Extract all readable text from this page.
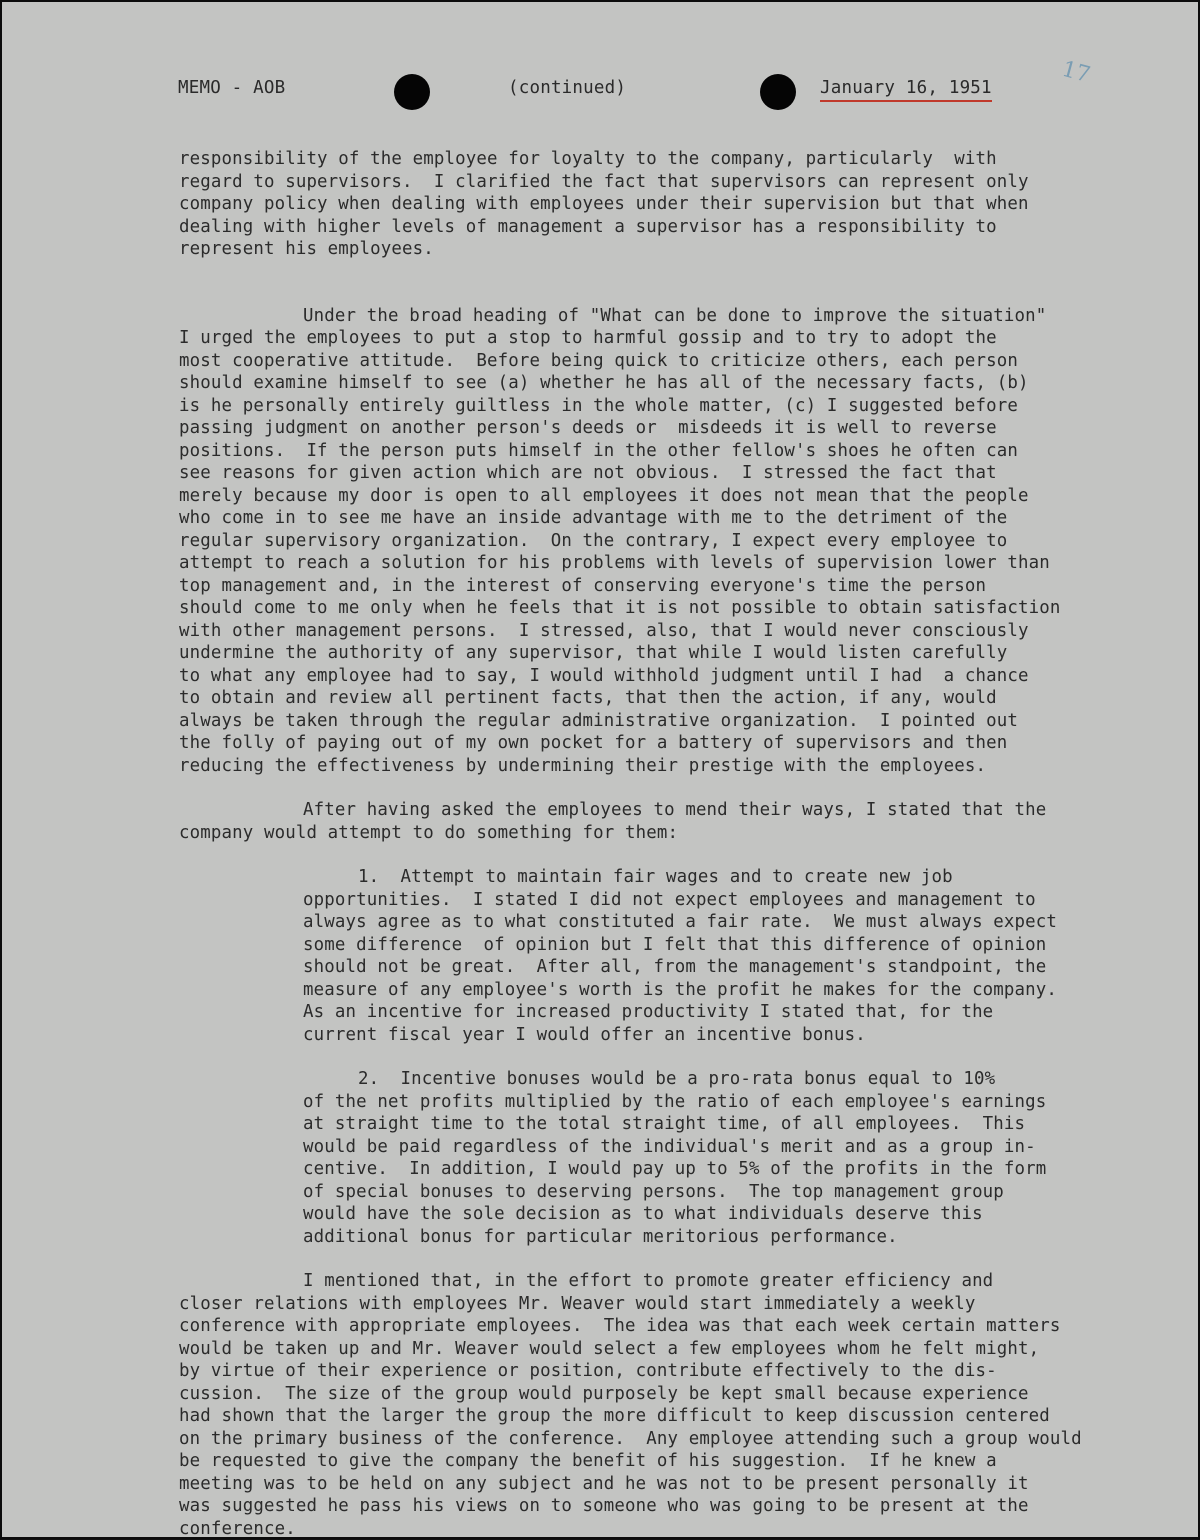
MEMO - AOB	(continued)	January 16, 1951	17

responsibility of the employee for loyalty to the company, particularly  with

regard to supervisors.  I clarified the fact that supervisors can represent only

company policy when dealing with employees under their supervision but that when

dealing with higher levels of management a supervisor has a responsibility to

represent his employees.

Under the broad heading of "What can be done to improve the situation"

I urged the employees to put a stop to harmful gossip and to try to adopt the

most cooperative attitude.  Before being quick to criticize others, each person

should examine himself to see (a) whether he has all of the necessary facts, (b)

is he personally entirely guiltless in the whole matter, (c) I suggested before

passing judgment on another person's deeds or  misdeeds it is well to reverse

positions.  If the person puts himself in the other fellow's shoes he often can

see reasons for given action which are not obvious.  I stressed the fact that

merely because my door is open to all employees it does not mean that the people

who come in to see me have an inside advantage with me to the detriment of the

regular supervisory organization.  On the contrary, I expect every employee to

attempt to reach a solution for his problems with levels of supervision lower than

top management and, in the interest of conserving everyone's time the person

should come to me only when he feels that it is not possible to obtain satisfaction

with other management persons.  I stressed, also, that I would never consciously

undermine the authority of any supervisor, that while I would listen carefully

to what any employee had to say, I would withhold judgment until I had  a chance

to obtain and review all pertinent facts, that then the action, if any, would

always be taken through the regular administrative organization.  I pointed out

the folly of paying out of my own pocket for a battery of supervisors and then

reducing the effectiveness by undermining their prestige with the employees.

After having asked the employees to mend their ways, I stated that the

company would attempt to do something for them:

1.  Attempt to maintain fair wages and to create new job

opportunities.  I stated I did not expect employees and management to

always agree as to what constituted a fair rate.  We must always expect

some difference  of opinion but I felt that this difference of opinion

should not be great.  After all, from the management's standpoint, the

measure of any employee's worth is the profit he makes for the company.

As an incentive for increased productivity I stated that, for the

current fiscal year I would offer an incentive bonus.

2.  Incentive bonuses would be a pro-rata bonus equal to 10%

of the net profits multiplied by the ratio of each employee's earnings

at straight time to the total straight time, of all employees.  This

would be paid regardless of the individual's merit and as a group in-

centive.  In addition, I would pay up to 5% of the profits in the form

of special bonuses to deserving persons.  The top management group

would have the sole decision as to what individuals deserve this

additional bonus for particular meritorious performance.

I mentioned that, in the effort to promote greater efficiency and

closer relations with employees Mr. Weaver would start immediately a weekly

conference with appropriate employees.  The idea was that each week certain matters

would be taken up and Mr. Weaver would select a few employees whom he felt might,

by virtue of their experience or position, contribute effectively to the dis-

cussion.  The size of the group would purposely be kept small because experience

had shown that the larger the group the more difficult to keep discussion centered

on the primary business of the conference.  Any employee attending such a group would

be requested to give the company the benefit of his suggestion.  If he knew a

meeting was to be held on any subject and he was not to be present personally it

was suggested he pass his views on to someone who was going to be present at the

conference.
